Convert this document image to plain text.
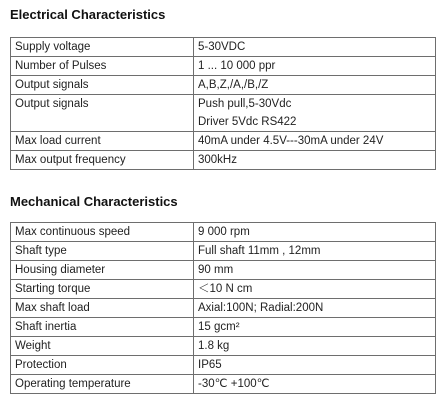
Electrical Characteristics
Supply voltage	5-30VDC
Number of Pulses	1 ... 10 000 ppr
Output signals	A,B,Z,/A,/B,/Z
Output signals	Push pull,5-30Vdc
Driver 5Vdc RS422

Max load current	40mA under 4.5V---30mA under 24V
Max output frequency	300kHz
Mechanical Characteristics
Max continuous speed	9 000 rpm
Shaft type	Full shaft 11mm , 12mm
Housing diameter	90 mm
Starting torque	＜10 N cm
Max shaft load	Axial:100N; Radial:200N
Shaft inertia	15 gcm²
Weight	1.8 kg
Protection	IP65
Operating temperature	-30℃ +100℃
